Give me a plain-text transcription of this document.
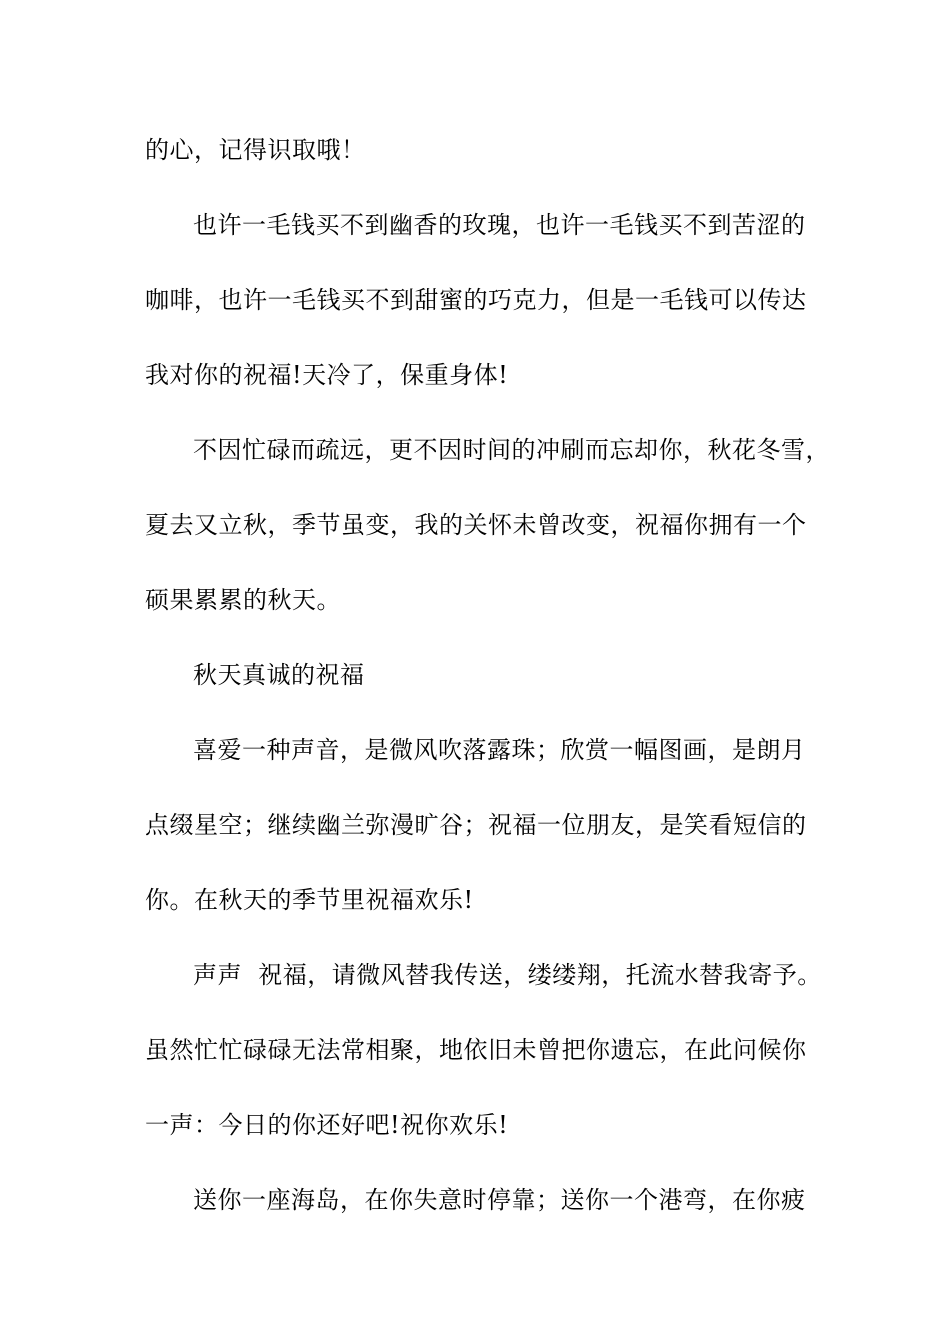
的心，记得识取哦！
也许一毛钱买不到幽香的玫瑰，也许一毛钱买不到苦涩的
咖啡，也许一毛钱买不到甜蜜的巧克力，但是一毛钱可以传达
我对你的祝福!天冷了，保重身体!
不因忙碌而疏远，更不因时间的冲刷而忘却你，秋花冬雪，
夏去又立秋，季节虽变，我的关怀未曾改变，祝福你拥有一个
硕果累累的秋天。
秋天真诚的祝福
喜爱一种声音，是微风吹落露珠；欣赏一幅图画，是朗月
点缀星空；继续幽兰弥漫旷谷；祝福一位朋友，是笑看短信的
你。在秋天的季节里祝福欢乐!
声声  祝福，请微风替我传送，缕缕翔，托流水替我寄予。
虽然忙忙碌碌无法常相聚，地依旧未曾把你遗忘，在此问候你
一声：今日的你还好吧!祝你欢乐!
送你一座海岛，在你失意时停靠；送你一个港弯，在你疲
